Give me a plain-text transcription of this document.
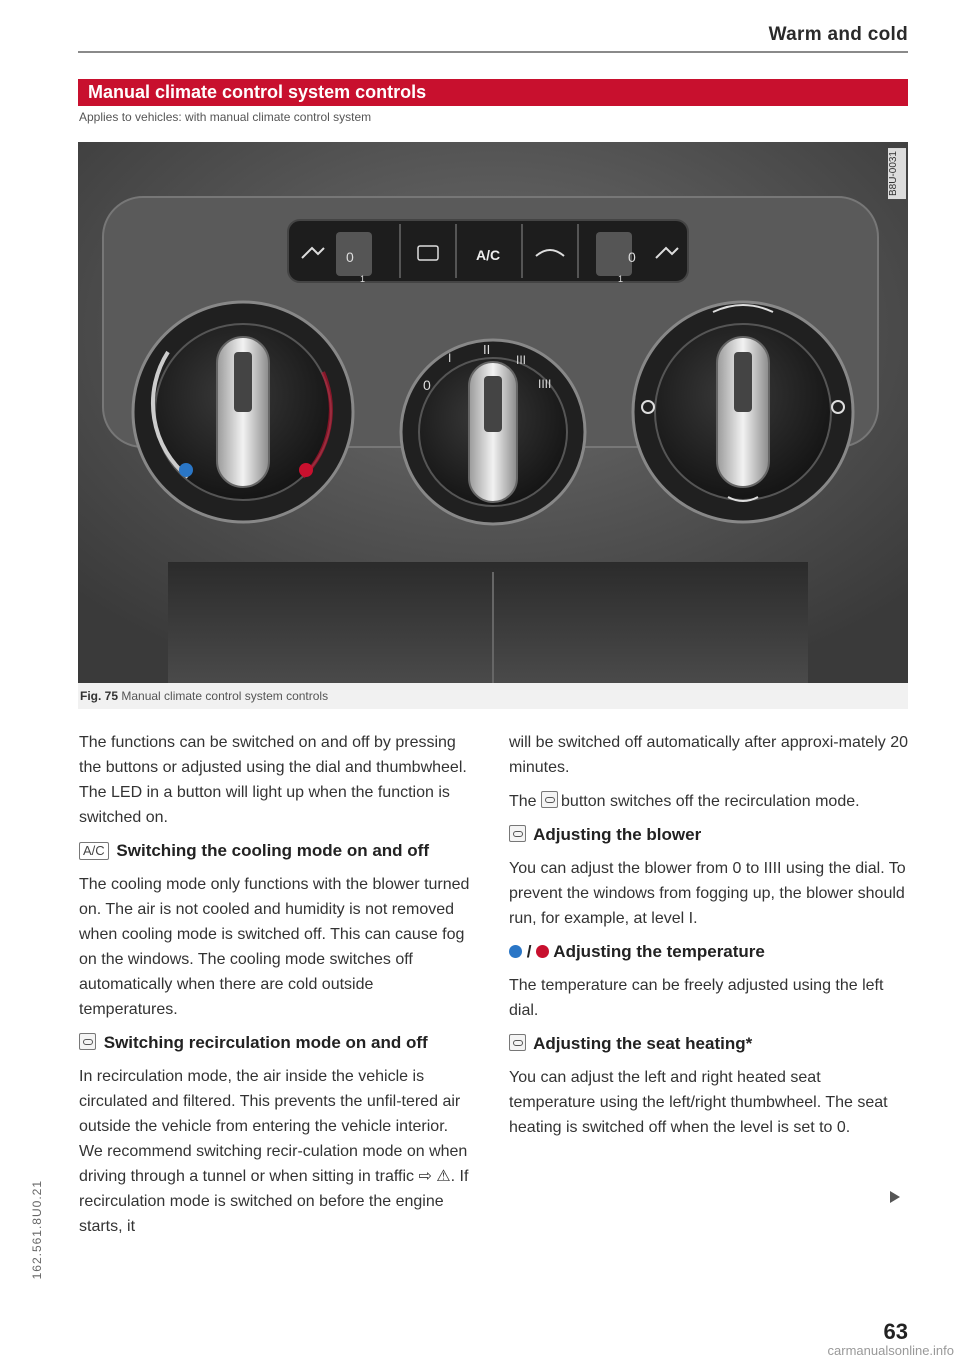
Warm and cold
Manual climate control system controls
Applies to vehicles: with manual climate control system
0
1
0
1
A/C
0
I
II
III
IIII
B8U-0031
Fig. 75 Manual climate control system controls

The functions can be switched on and off by pressing the buttons or adjusted using the dial and thumbwheel. The LED in a button will light up when the function is switched on.

A/C Switching the cooling mode on and off

The cooling mode only functions with the blower turned on. The air is not cooled and humidity is not removed when cooling mode is switched off. This can cause fog on the windows. The cooling mode switches off automatically when there are cold outside temperatures.

Switching recirculation mode on and off

In recirculation mode, the air inside the vehicle is circulated and filtered. This prevents the unfil-tered air outside the vehicle from entering the vehicle interior. We recommend switching recir-culation mode on when driving through a tunnel or when sitting in traffic ⇨ ⚠. If recirculation mode is switched on before the engine starts, it

will be switched off automatically after approxi-mately 20 minutes.

The button switches off the recirculation mode.

Adjusting the blower

You can adjust the blower from 0 to IIII using the dial. To prevent the windows from fogging up, the blower should run, for example, at level I.

/ Adjusting the temperature

The temperature can be freely adjusted using the left dial.

Adjusting the seat heating*

You can adjust the left and right heated seat temperature using the left/right thumbwheel. The seat heating is switched off when the level is set to 0.

162.561.8U0.21
63
carmanualsonline.info
